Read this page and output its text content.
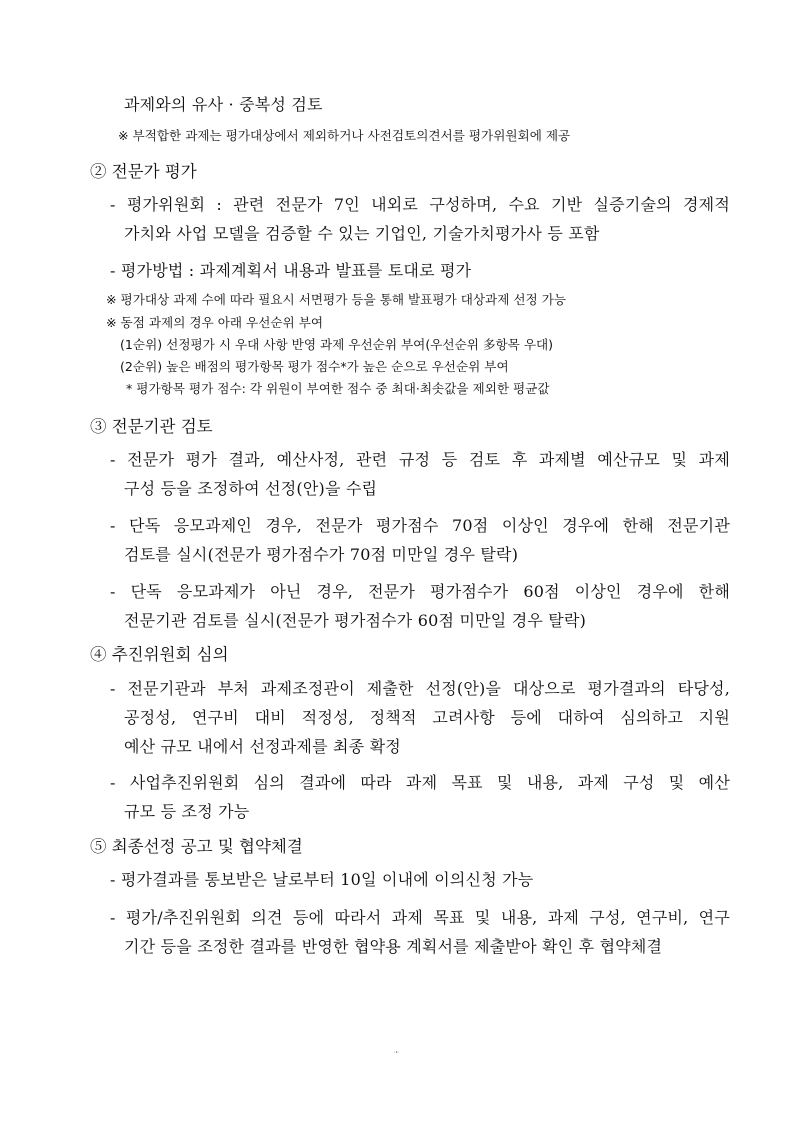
과제와의 유사 · 중복성 검토

※ 부적합한 과제는 평가대상에서 제외하거나 사전검토의견서를 평가위원회에 제공

② 전문가 평가

- 평가위원회 : 관련 전문가 7인 내외로 구성하며, 수요 기반 실증기술의 경제적

가치와 사업 모델을 검증할 수 있는 기업인, 기술가치평가사 등 포함

- 평가방법 : 과제계획서 내용과 발표를 토대로 평가

※ 평가대상 과제 수에 따라 필요시 서면평가 등을 통해 발표평가 대상과제 선정 가능

※ 동점 과제의 경우 아래 우선순위 부여

(1순위) 선정평가 시 우대 사항 반영 과제 우선순위 부여(우선순위 多항목 우대)

(2순위) 높은 배점의 평가항목 평가 점수*가 높은 순으로 우선순위 부여

* 평가항목 평가 점수: 각 위원이 부여한 점수 중 최대·최솟값을 제외한 평균값

③ 전문기관 검토

- 전문가 평가 결과, 예산사정, 관련 규정 등 검토 후 과제별 예산규모 및 과제

구성 등을 조정하여 선정(안)을 수립

- 단독 응모과제인 경우, 전문가 평가점수 70점 이상인 경우에 한해 전문기관

검토를 실시(전문가 평가점수가 70점 미만일 경우 탈락)

- 단독 응모과제가 아닌 경우, 전문가 평가점수가 60점 이상인 경우에 한해

전문기관 검토를 실시(전문가 평가점수가 60점 미만일 경우 탈락)

④ 추진위원회 심의

- 전문기관과 부처 과제조정관이 제출한 선정(안)을 대상으로 평가결과의 타당성,

공정성, 연구비 대비 적정성, 정책적 고려사항 등에 대하여 심의하고 지원

예산 규모 내에서 선정과제를 최종 확정

- 사업추진위원회 심의 결과에 따라 과제 목표 및 내용, 과제 구성 및 예산

규모 등 조정 가능

⑤ 최종선정 공고 및 협약체결

- 평가결과를 통보받은 날로부터 10일 이내에 이의신청 가능

- 평가/추진위원회 의견 등에 따라서 과제 목표 및 내용, 과제 구성, 연구비, 연구

기간 등을 조정한 결과를 반영한 협약용 계획서를 제출받아 확인 후 협약체결

- 9 -
